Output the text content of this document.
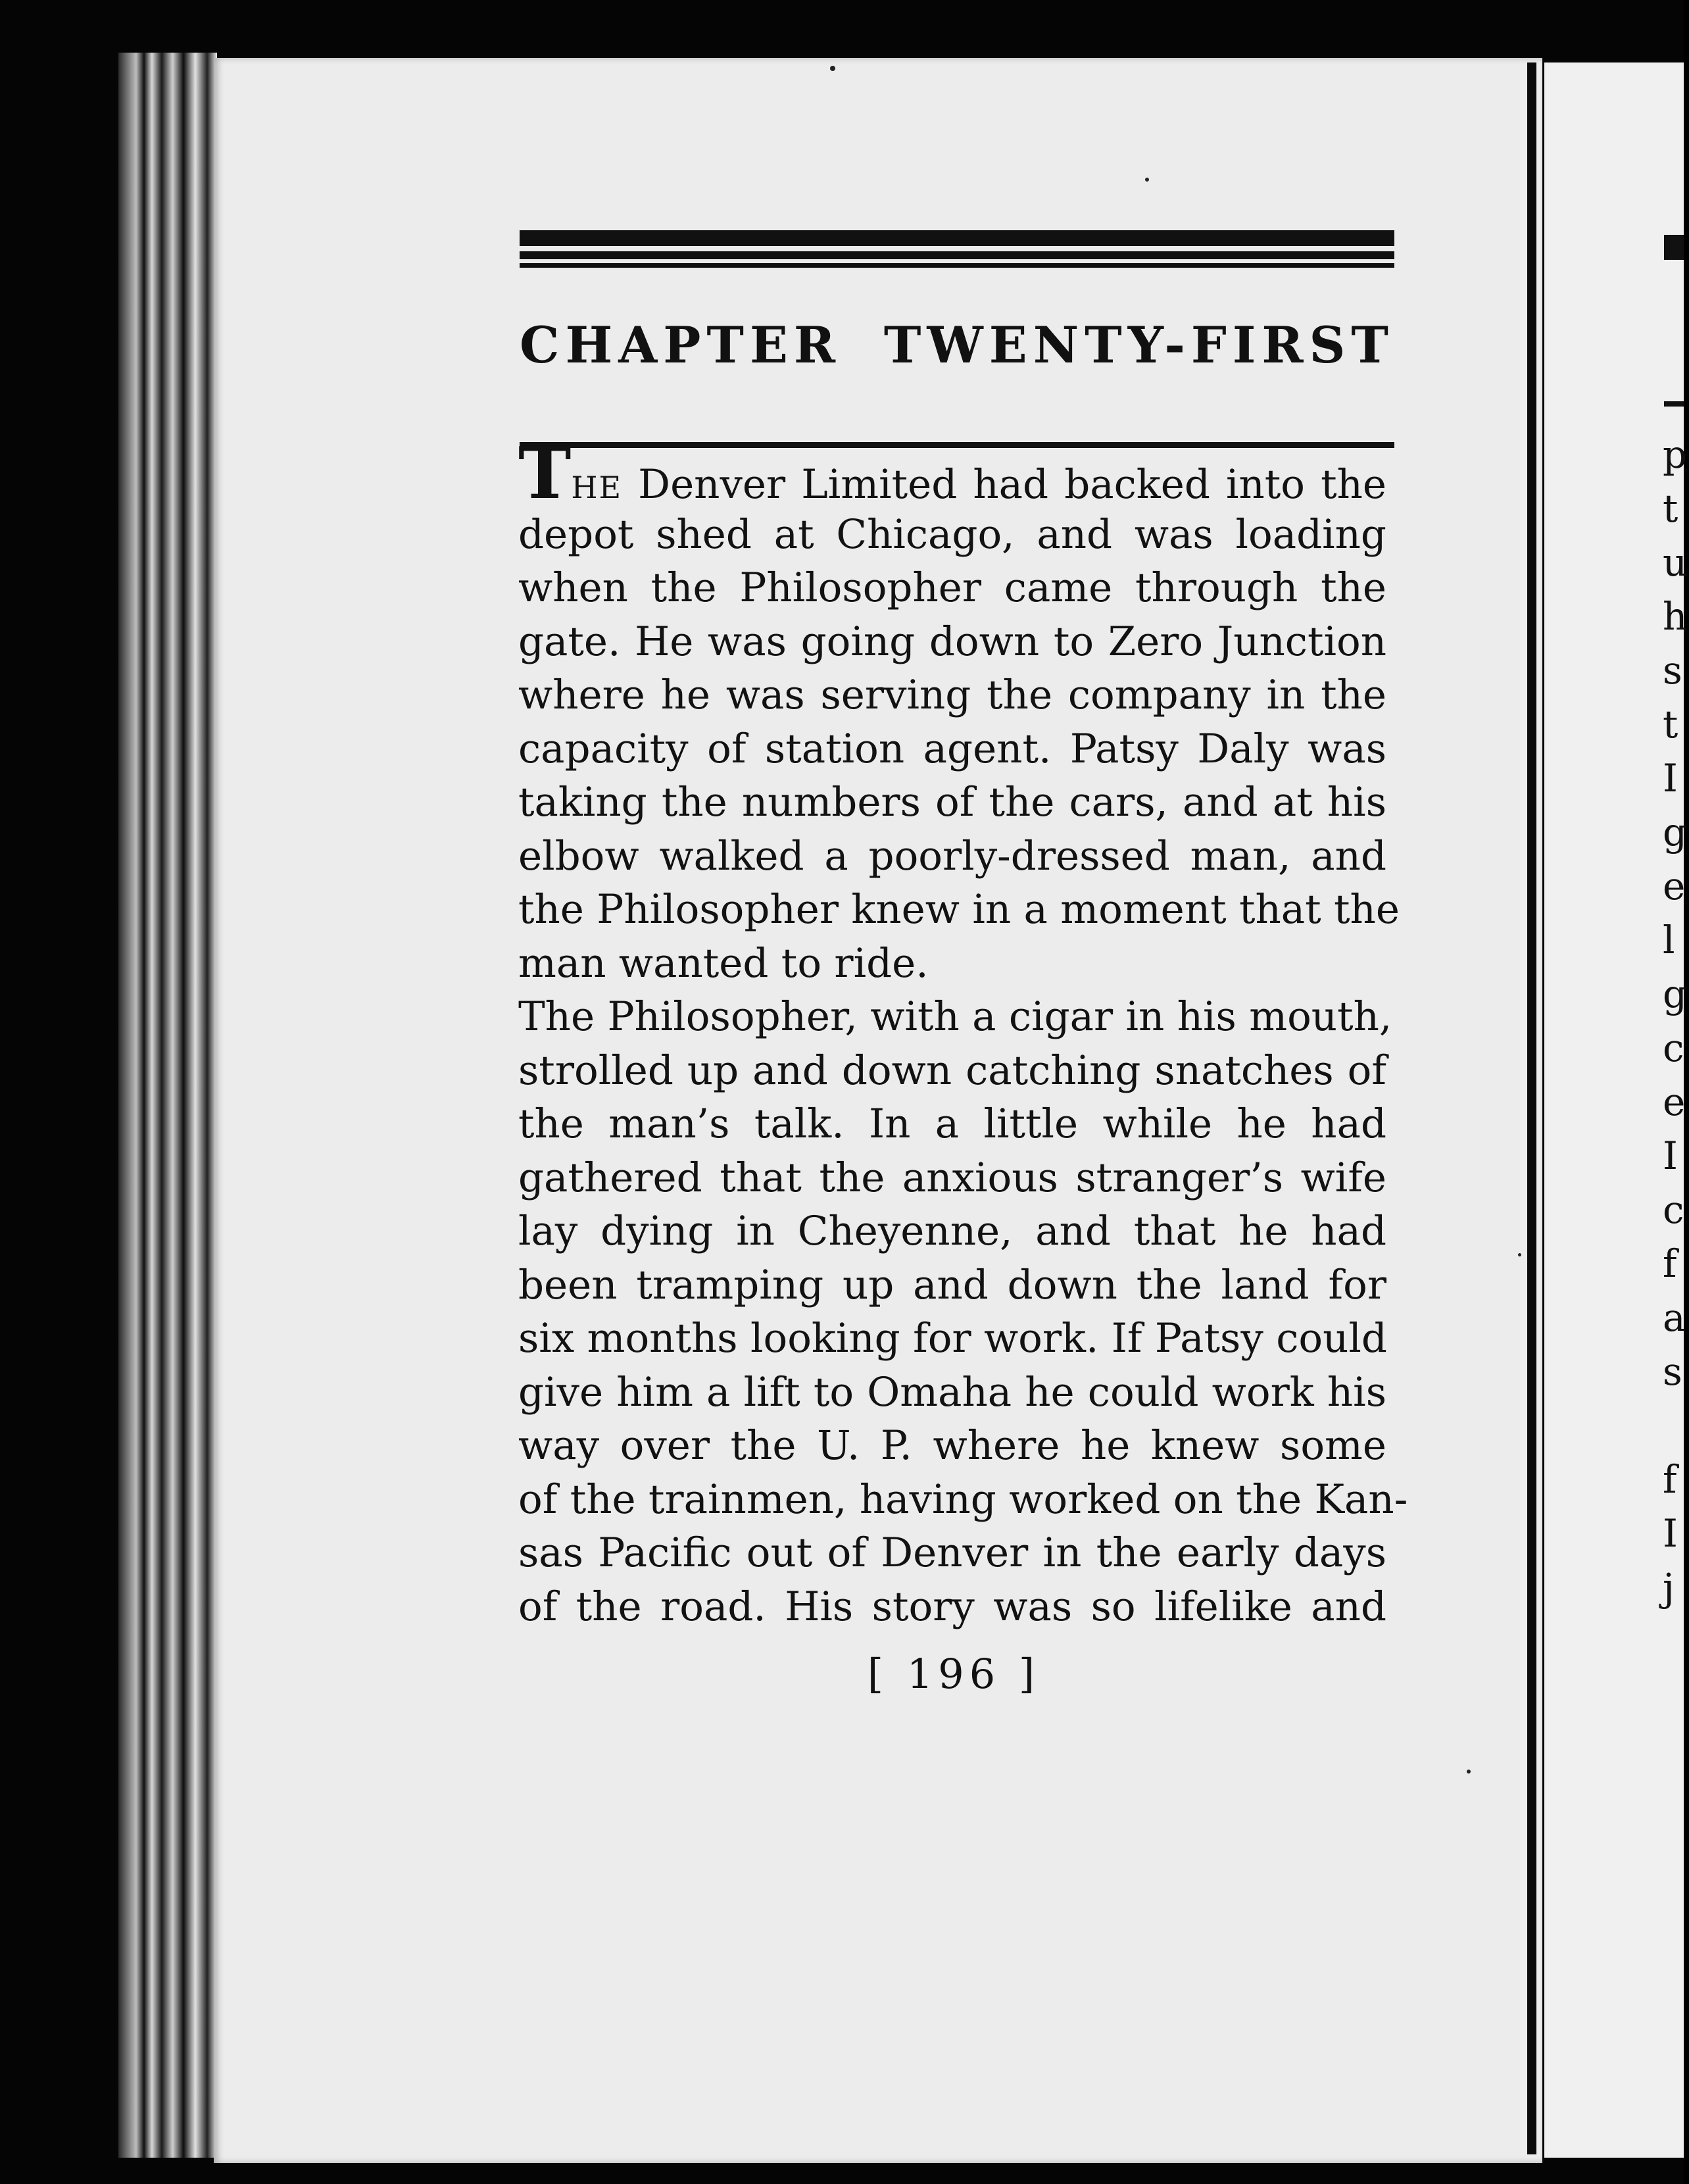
p
t
u
h
s
t
I
g
e
l
g
c
e
I
c
f
a
s
f
I
j
CHAPTER TWENTY-FIRST
THE Denver Limited had backed into the
depot shed at Chicago, and was loading
when the Philosopher came through the
gate. He was going down to Zero Junction
where he was serving the company in the
capacity of station agent. Patsy Daly was
taking the numbers of the cars, and at his
elbow walked a poorly-dressed man, and
the Philosopher knew in a moment that the
man wanted to ride.
The Philosopher, with a cigar in his mouth,
strolled up and down catching snatches of
the man’s talk. In a little while he had
gathered that the anxious stranger’s wife
lay dying in Cheyenne, and that he had
been tramping up and down the land for
six months looking for work. If Patsy could
give him a lift to Omaha he could work his
way over the U. P. where he knew some
of the trainmen, having worked on the Kan-
sas Pacific out of Denver in the early days
of the road. His story was so lifelike and
[ 196 ]
